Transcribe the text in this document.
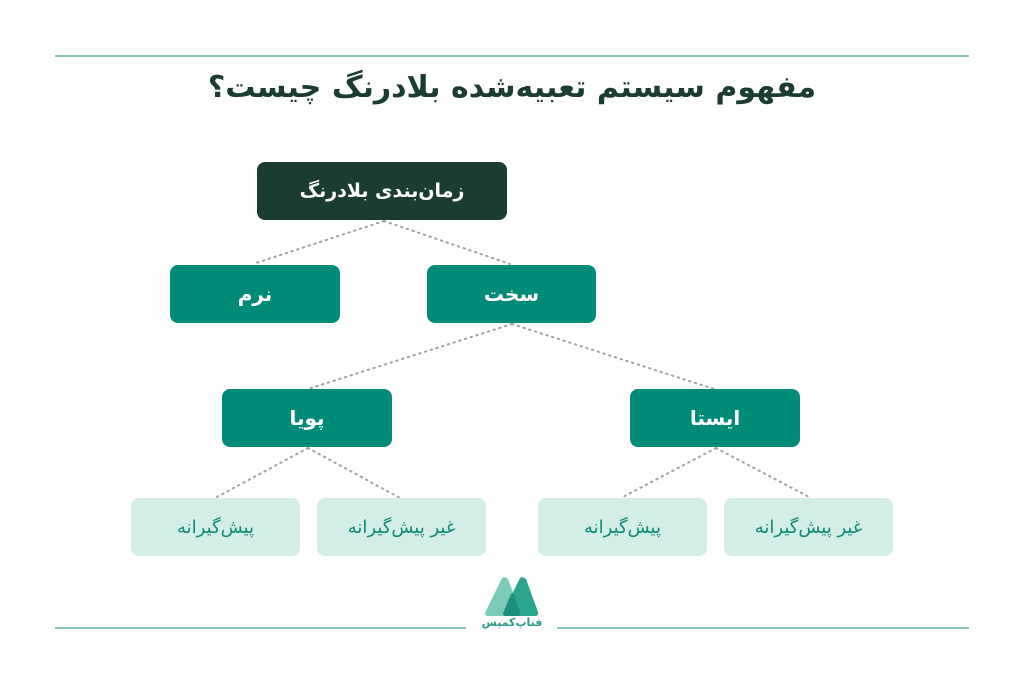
مفهوم سیستم تعبیه‌شده بلادرنگ چیست؟
زمان‌بندی بلادرنگ
نرم	سخت
پویا	ایستا
پیش‌گیرانه	غیر پیش‌گیرانه	پیش‌گیرانه	غیر پیش‌گیرانه
فناپ‌کمپس
